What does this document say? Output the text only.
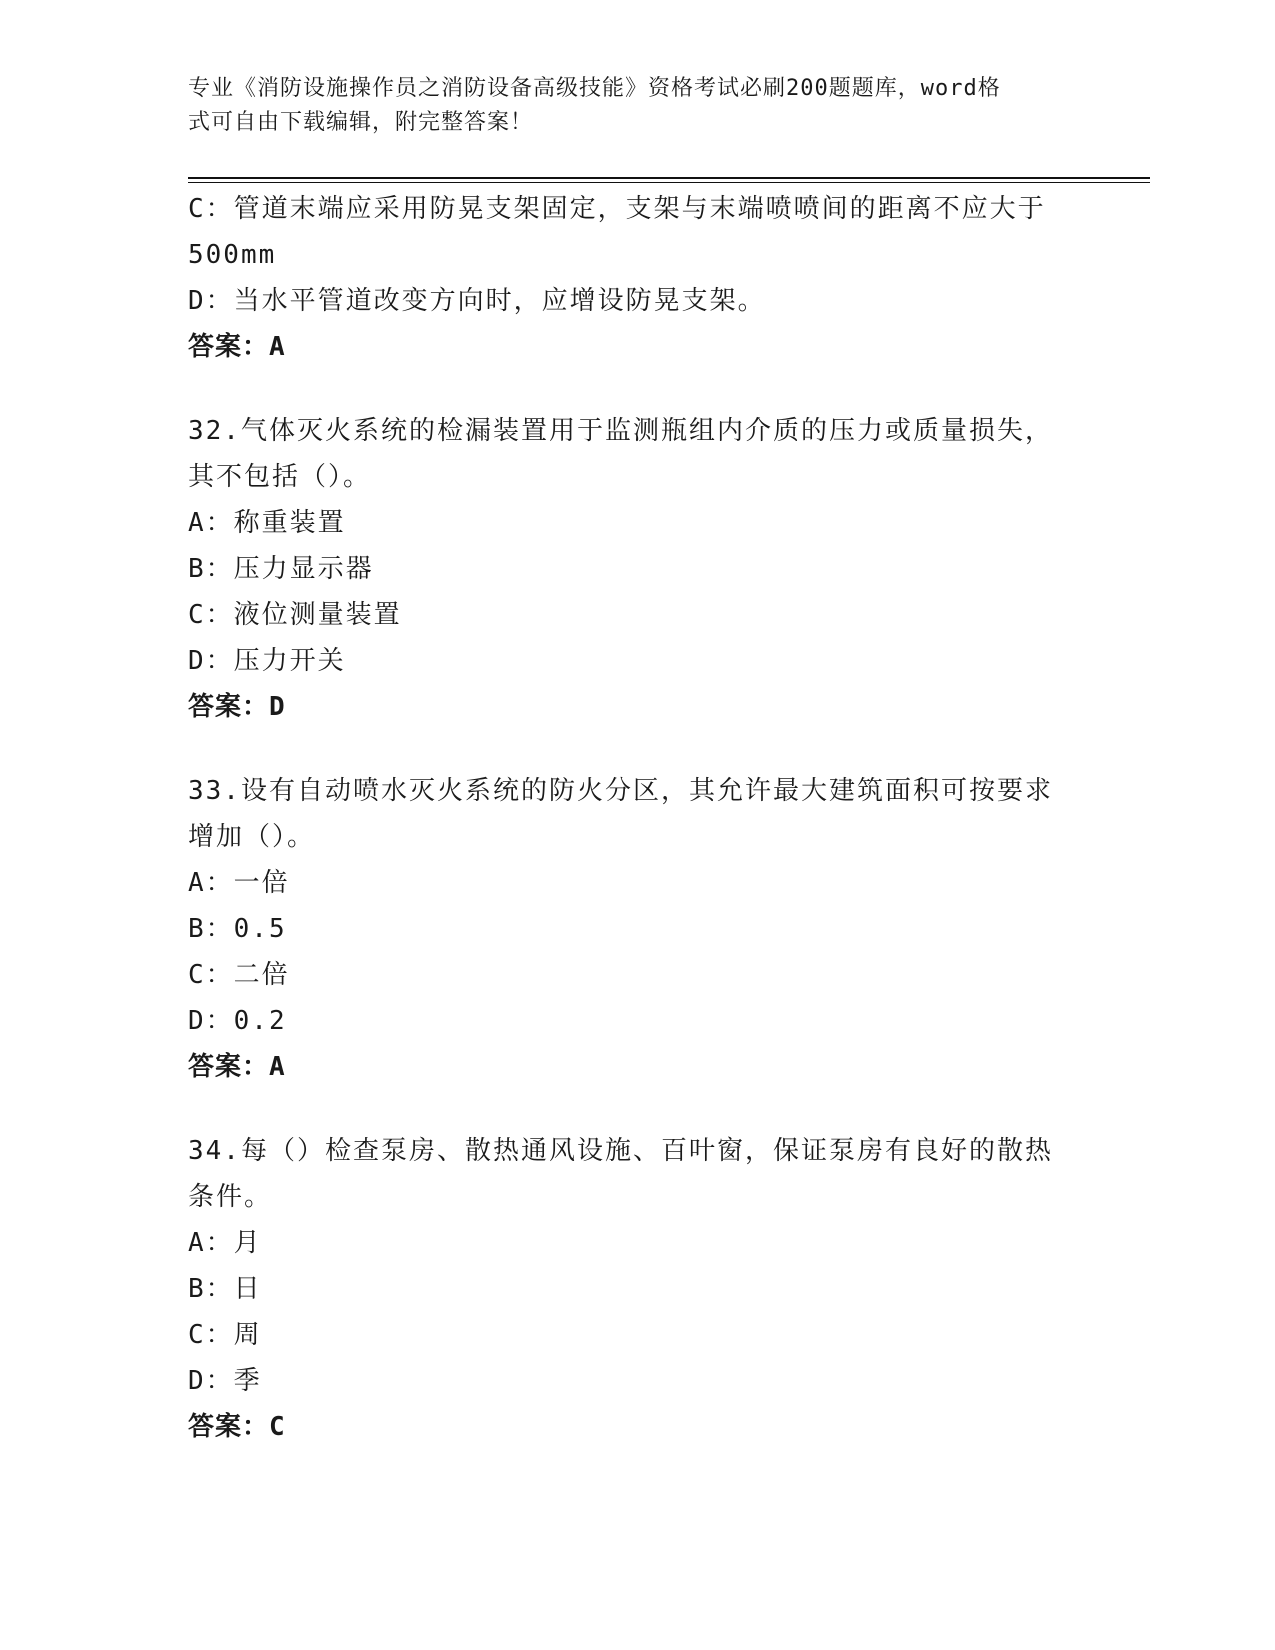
专业《消防设施操作员之消防设备高级技能》资格考试必刷200题题库，word格
式可自由下载编辑，附完整答案！
C：管道末端应采用防晃支架固定，支架与末端喷喷间的距离不应大于
500mm
D：当水平管道改变方向时，应增设防晃支架。
答案：A
32.气体灭火系统的检漏装置用于监测瓶组内介质的压力或质量损失，
其不包括（）。
A：称重装置
B：压力显示器
C：液位测量装置
D：压力开关
答案：D
33.设有自动喷水灭火系统的防火分区，其允许最大建筑面积可按要求
增加（）。
A：一倍
B：0.5
C：二倍
D：0.2
答案：A
34.每（）检查泵房、散热通风设施、百叶窗，保证泵房有良好的散热
条件。
A：月
B：日
C：周
D：季
答案：C
